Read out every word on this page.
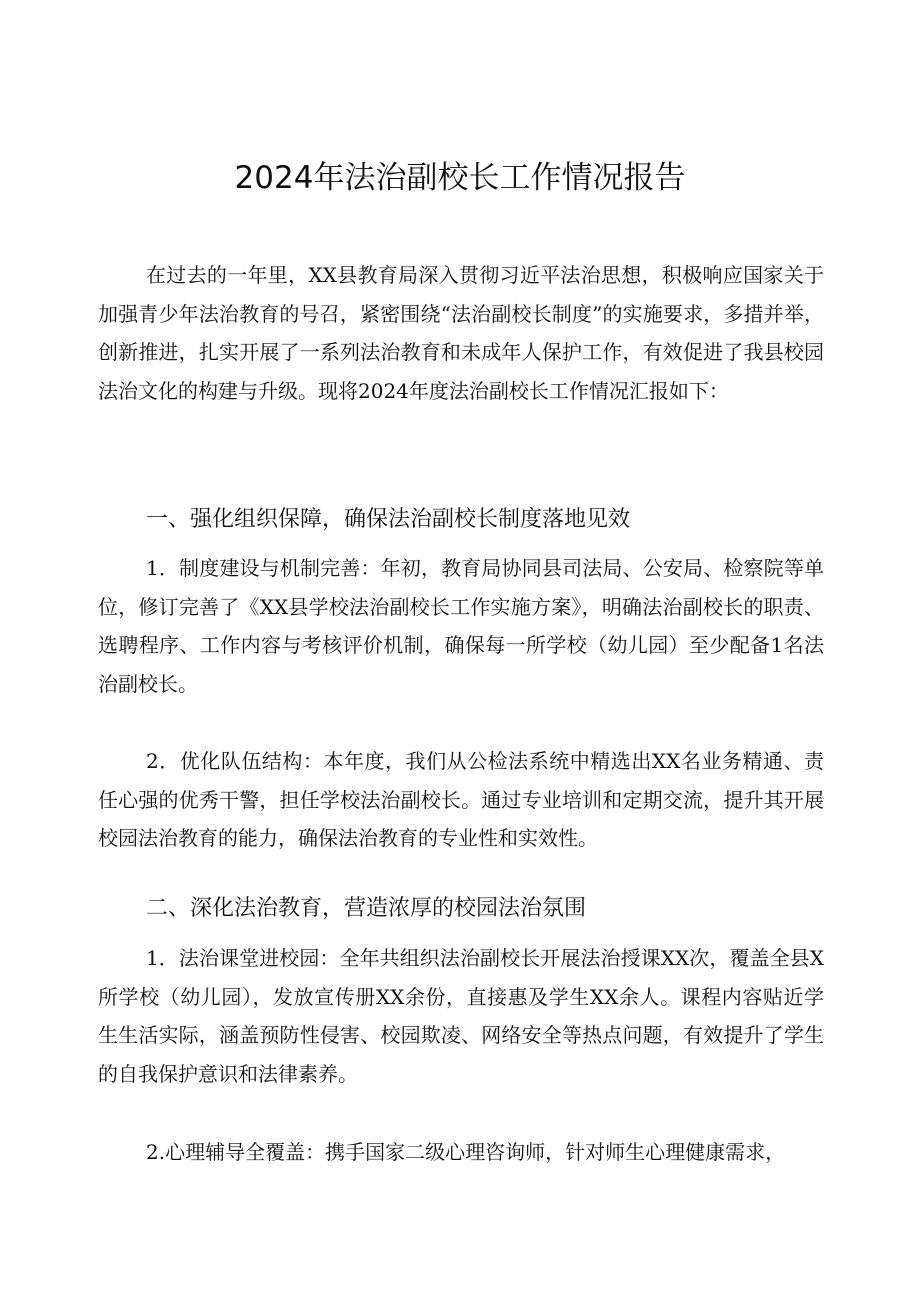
2024年法治副校长工作情况报告

在过去的一年里，XX县教育局深入贯彻习近平法治思想，积极响应国家关于加强青少年法治教育的号召，紧密围绕“法治副校长制度”的实施要求，多措并举，创新推进，扎实开展了一系列法治教育和未成年人保护工作，有效促进了我县校园法治文化的构建与升级。现将2024年度法治副校长工作情况汇报如下：

一、强化组织保障，确保法治副校长制度落地见效

1．制度建设与机制完善：年初，教育局协同县司法局、公安局、检察院等单位，修订完善了《XX县学校法治副校长工作实施方案》，明确法治副校长的职责、选聘程序、工作内容与考核评价机制，确保每一所学校（幼儿园）至少配备1名法治副校长。

2．优化队伍结构：本年度，我们从公检法系统中精选出XX名业务精通、责任心强的优秀干警，担任学校法治副校长。通过专业培训和定期交流，提升其开展校园法治教育的能力，确保法治教育的专业性和实效性。

二、深化法治教育，营造浓厚的校园法治氛围

1．法治课堂进校园：全年共组织法治副校长开展法治授课XX次，覆盖全县X所学校（幼儿园），发放宣传册XX余份，直接惠及学生XX余人。课程内容贴近学生生活实际，涵盖预防性侵害、校园欺凌、网络安全等热点问题，有效提升了学生的自我保护意识和法律素养。

2.心理辅导全覆盖：携手国家二级心理咨询师，针对师生心理健康需求，
